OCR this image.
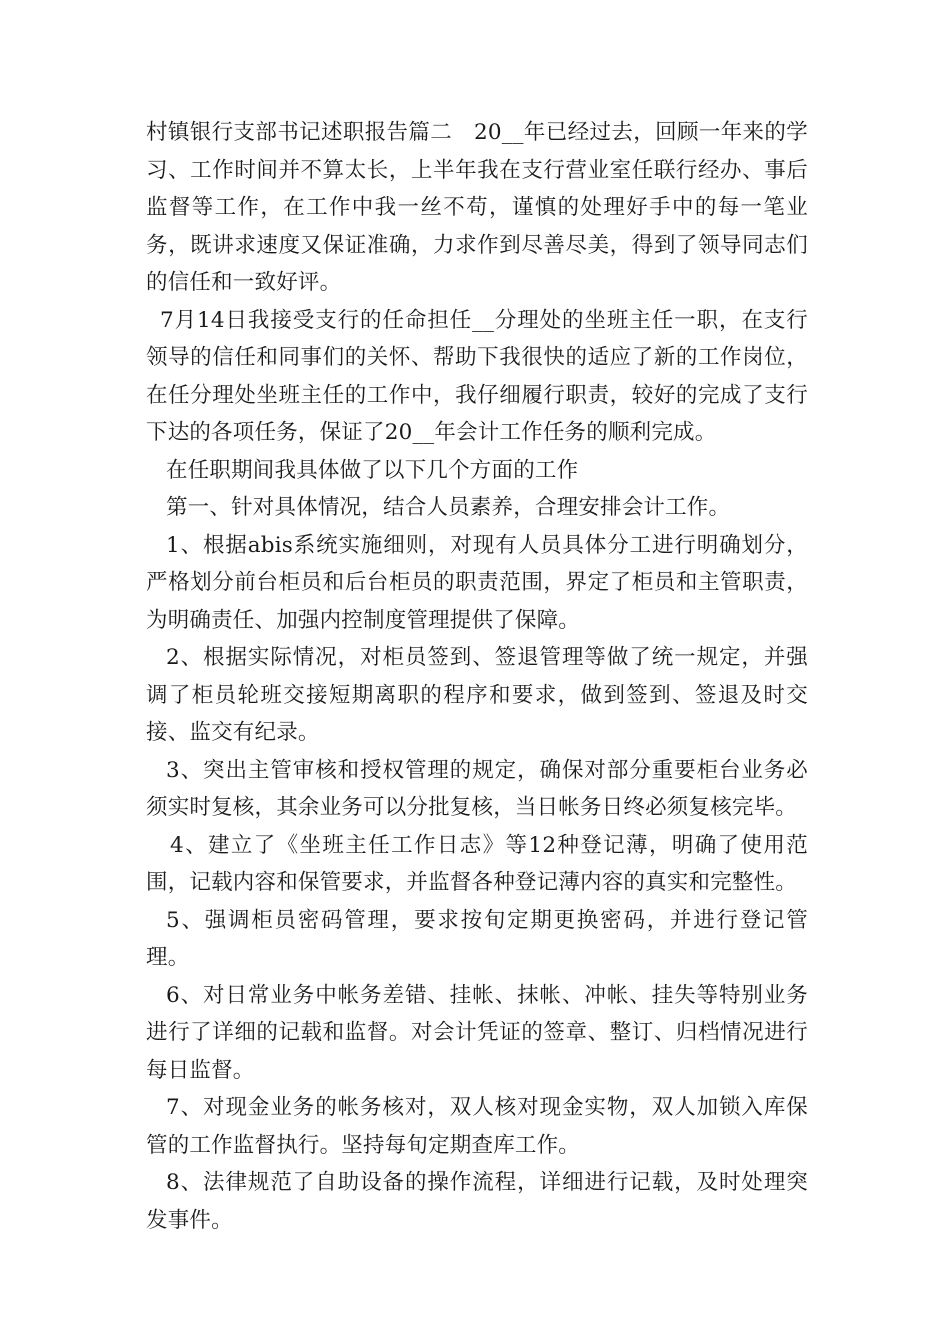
村镇银行支部书记述职报告篇二　20__年已经过去，回顾一年来的学习、工作时间并不算太长，上半年我在支行营业室任联行经办、事后监督等工作，在工作中我一丝不苟，谨慎的处理好手中的每一笔业务，既讲求速度又保证准确，力求作到尽善尽美，得到了领导同志们的信任和一致好评。

7月14日我接受支行的任命担任__分理处的坐班主任一职，在支行领导的信任和同事们的关怀、帮助下我很快的适应了新的工作岗位，在任分理处坐班主任的工作中，我仔细履行职责，较好的完成了支行下达的各项任务，保证了20__年会计工作任务的顺利完成。

在任职期间我具体做了以下几个方面的工作

第一、针对具体情况，结合人员素养，合理安排会计工作。

1、根据abis系统实施细则，对现有人员具体分工进行明确划分，严格划分前台柜员和后台柜员的职责范围，界定了柜员和主管职责，为明确责任、加强内控制度管理提供了保障。

2、根据实际情况，对柜员签到、签退管理等做了统一规定，并强调了柜员轮班交接短期离职的程序和要求，做到签到、签退及时交接、监交有纪录。

3、突出主管审核和授权管理的规定，确保对部分重要柜台业务必须实时复核，其余业务可以分批复核，当日帐务日终必须复核完毕。

4、建立了《坐班主任工作日志》等12种登记薄，明确了使用范围，记载内容和保管要求，并监督各种登记薄内容的真实和完整性。

5、强调柜员密码管理，要求按旬定期更换密码，并进行登记管理。

6、对日常业务中帐务差错、挂帐、抹帐、冲帐、挂失等特别业务进行了详细的记载和监督。对会计凭证的签章、整订、归档情况进行每日监督。

7、对现金业务的帐务核对，双人核对现金实物，双人加锁入库保管的工作监督执行。坚持每旬定期查库工作。

8、法律规范了自助设备的操作流程，详细进行记载，及时处理突发事件。
